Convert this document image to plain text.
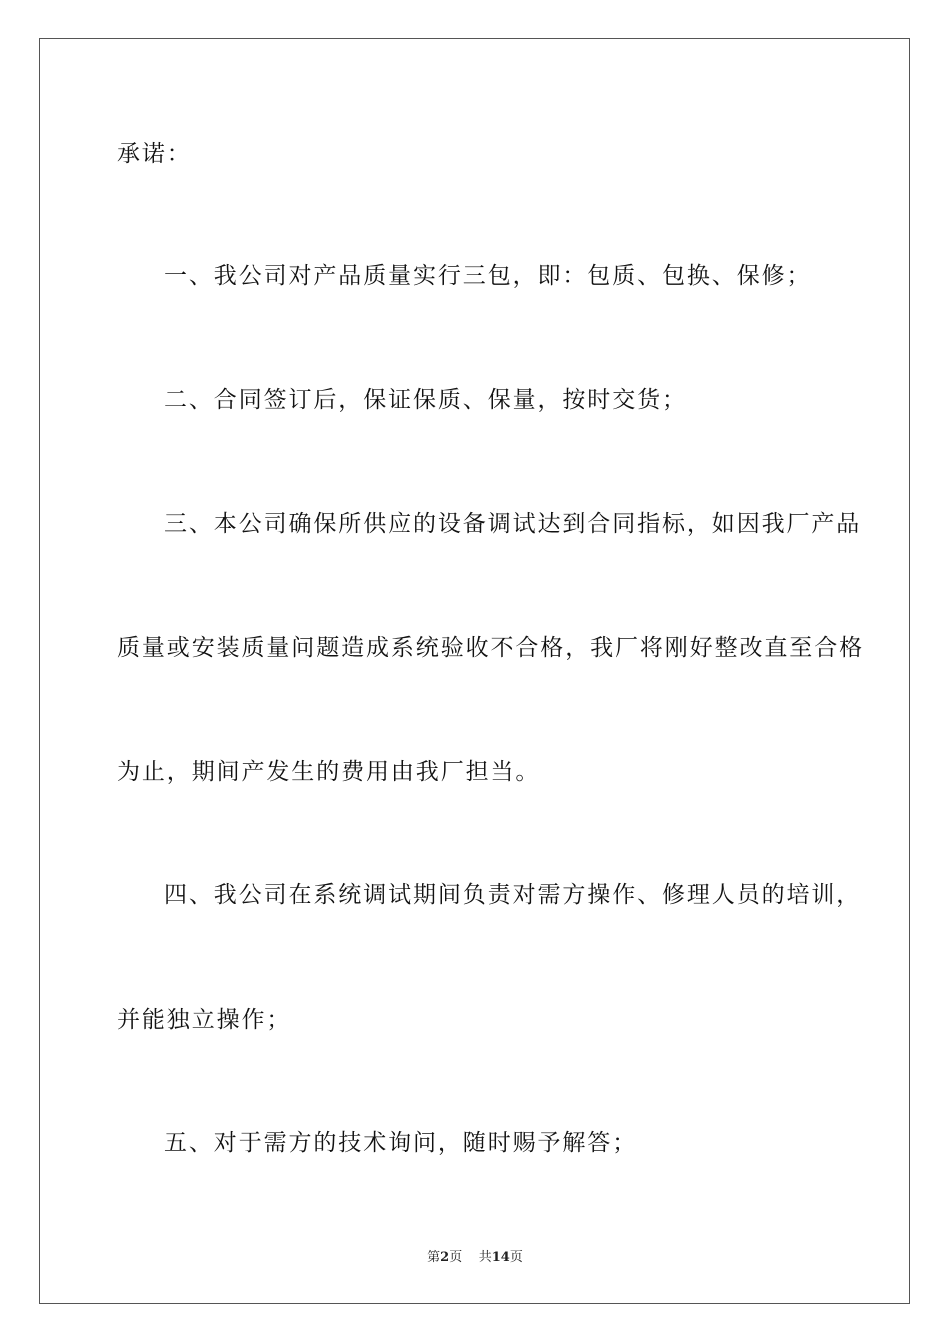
承诺：
一、我公司对产品质量实行三包，即：包质、包换、保修；
二、合同签订后，保证保质、保量，按时交货；
三、本公司确保所供应的设备调试达到合同指标，如因我厂产品
质量或安装质量问题造成系统验收不合格，我厂将刚好整改直至合格
为止，期间产发生的费用由我厂担当。
四、我公司在系统调试期间负责对需方操作、修理人员的培训，
并能独立操作；
五、对于需方的技术询问，随时赐予解答；
第2页 共14页
